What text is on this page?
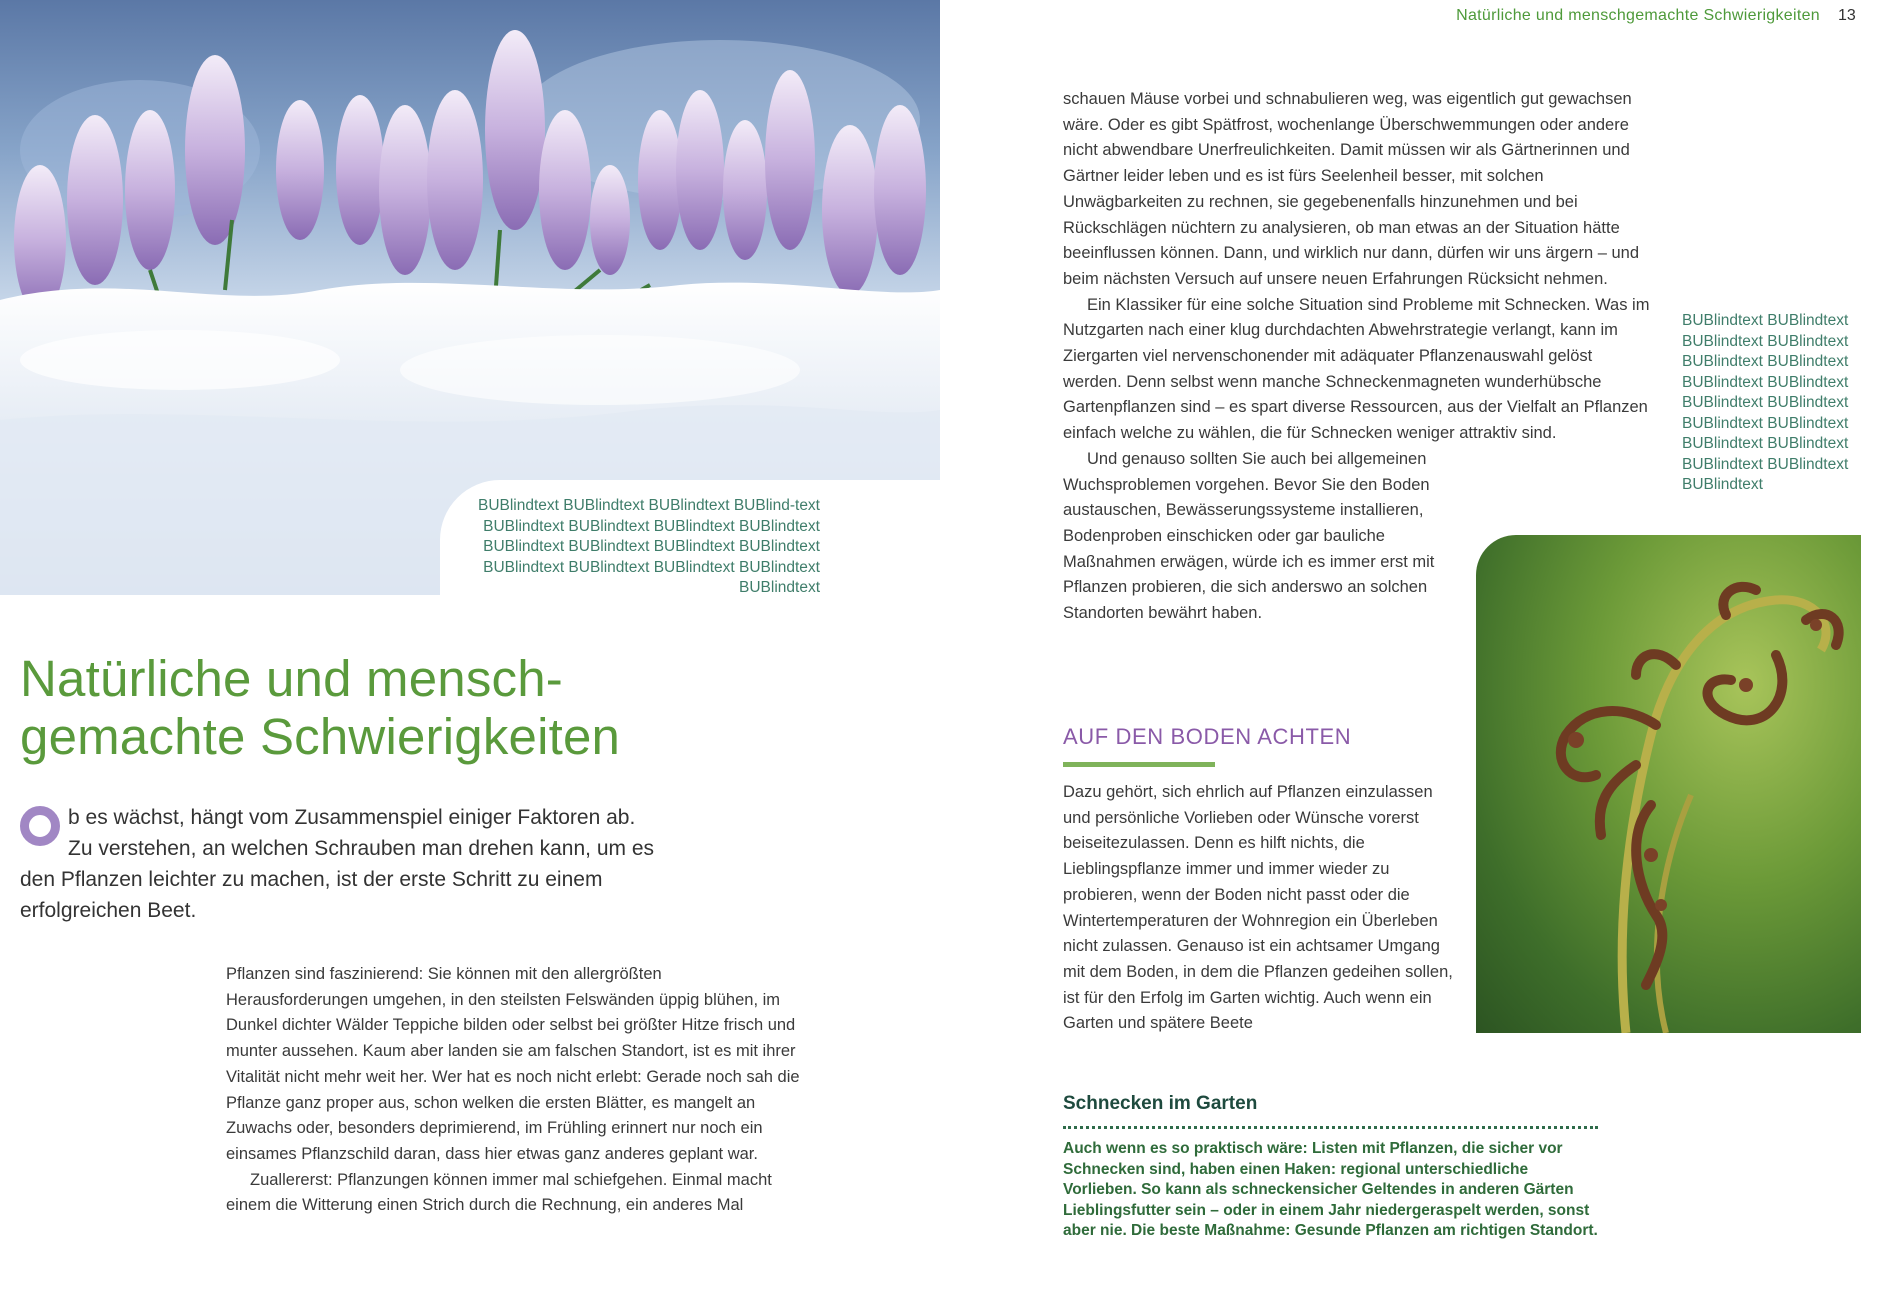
BUBlindtext BUBlindtext BUBlindtext BUBlind-text BUBlindtext BUBlindtext BUBlindtext BUBlindtext BUBlindtext BUBlindtext BUBlindtext BUBlindtext BUBlindtext BUBlindtext BUBlindtext BUBlindtext BUBlindtext
Natürliche und mensch-gemachte Schwierigkeiten
b es wächst, hängt vom Zusammenspiel einiger Faktoren ab. Zu verstehen, an welchen Schrauben man drehen kann, um es den Pflanzen leichter zu machen, ist der erste Schritt zu einem erfolgreichen Beet.

Pflanzen sind faszinierend: Sie können mit den allergrößten Herausforderungen umgehen, in den steilsten Felswänden üppig blühen, im Dunkel dichter Wälder Teppiche bilden oder selbst bei größter Hitze frisch und munter aussehen. Kaum aber landen sie am falschen Standort, ist es mit ihrer Vitalität nicht mehr weit her. Wer hat es noch nicht erlebt: Gerade noch sah die Pflanze ganz proper aus, schon welken die ersten Blätter, es mangelt an Zuwachs oder, besonders deprimierend, im Frühling erinnert nur noch ein einsames Pflanzschild daran, dass hier etwas ganz anderes geplant war.

Zuallererst: Pflanzungen können immer mal schiefgehen. Einmal macht einem die Witterung einen Strich durch die Rechnung, ein anderes Mal

Natürliche und menschgemachte Schwierigkeiten 13

schauen Mäuse vorbei und schnabulieren weg, was eigentlich gut gewachsen wäre. Oder es gibt Spätfrost, wochenlange Überschwemmungen oder andere nicht abwendbare Unerfreulichkeiten. Damit müssen wir als Gärtnerinnen und Gärtner leider leben und es ist fürs Seelenheil besser, mit solchen Unwägbarkeiten zu rechnen, sie gegebenenfalls hinzunehmen und bei Rückschlägen nüchtern zu analysieren, ob man etwas an der Situation hätte beeinflussen können. Dann, und wirklich nur dann, dürfen wir uns ärgern – und beim nächsten Versuch auf unsere neuen Erfahrungen Rücksicht nehmen.

Ein Klassiker für eine solche Situation sind Probleme mit Schnecken. Was im Nutzgarten nach einer klug durchdachten Abwehrstrategie verlangt, kann im Ziergarten viel nervenschonender mit adäquater Pflanzenauswahl gelöst werden. Denn selbst wenn manche Schneckenmagneten wunderhübsche Gartenpflanzen sind – es spart diverse Ressourcen, aus der Vielfalt an Pflanzen einfach welche zu wählen, die für Schnecken weniger attraktiv sind.

Und genauso sollten Sie auch bei allgemeinen Wuchsproblemen vorgehen. Bevor Sie den Boden austauschen, Bewässerungssysteme installieren, Bodenproben einschicken oder gar bauliche Maßnahmen erwägen, würde ich es immer erst mit Pflanzen probieren, die sich anderswo an solchen Standorten bewährt haben.

BUBlindtext BUBlindtext BUBlindtext BUBlindtext BUBlindtext BUBlindtext BUBlindtext BUBlindtext BUBlindtext BUBlindtext BUBlindtext BUBlindtext BUBlindtext BUBlindtext BUBlindtext BUBlindtext BUBlindtext
AUF DEN BODEN ACHTEN

Dazu gehört, sich ehrlich auf Pflanzen einzulassen und persönliche Vorlieben oder Wünsche vorerst beiseitezulassen. Denn es hilft nichts, die Lieblingspflanze immer und immer wieder zu probieren, wenn der Boden nicht passt oder die Wintertemperaturen der Wohnregion ein Überleben nicht zulassen. Genauso ist ein achtsamer Umgang mit dem Boden, in dem die Pflanzen gedeihen sollen, ist für den Erfolg im Garten wichtig. Auch wenn ein Garten und spätere Beete

Schnecken im Garten
Auch wenn es so praktisch wäre: Listen mit Pflanzen, die sicher vor Schnecken sind, haben einen Haken: regional unterschiedliche Vorlieben. So kann als schneckensicher Geltendes in anderen Gärten Lieblingsfutter sein – oder in einem Jahr niedergeraspelt werden, sonst aber nie. Die beste Maßnahme: Gesunde Pflanzen am richtigen Standort.
